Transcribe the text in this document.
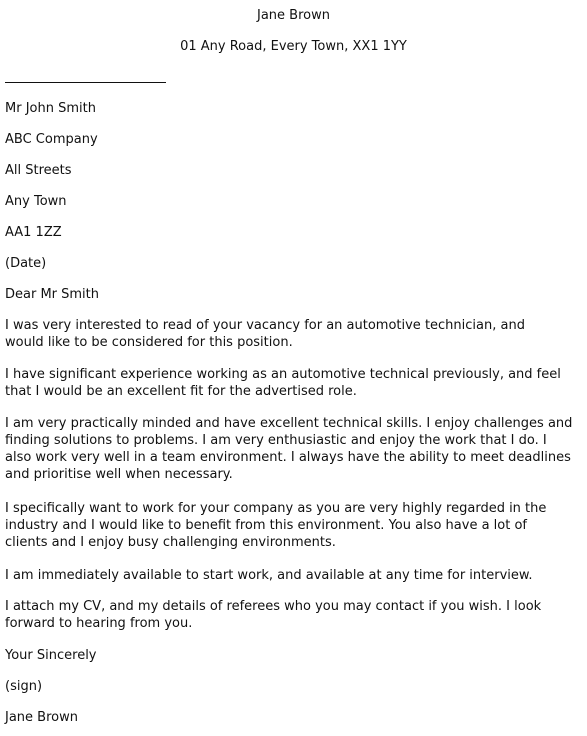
Jane Brown
01 Any Road, Every Town, XX1 1YY
Mr John Smith
ABC Company
All Streets
Any Town
AA1 1ZZ
(Date)
Dear Mr Smith
I was very interested to read of your vacancy for an automotive technician, and
would like to be considered for this position.
I have significant experience working as an automotive technical previously, and feel
that I would be an excellent fit for the advertised role.
I am very practically minded and have excellent technical skills. I enjoy challenges and
finding solutions to problems. I am very enthusiastic and enjoy the work that I do. I
also work very well in a team environment. I always have the ability to meet deadlines
and prioritise well when necessary.
I specifically want to work for your company as you are very highly regarded in the
industry and I would like to benefit from this environment. You also have a lot of
clients and I enjoy busy challenging environments.
I am immediately available to start work, and available at any time for interview.
I attach my CV, and my details of referees who you may contact if you wish. I look
forward to hearing from you.
Your Sincerely
(sign)
Jane Brown
